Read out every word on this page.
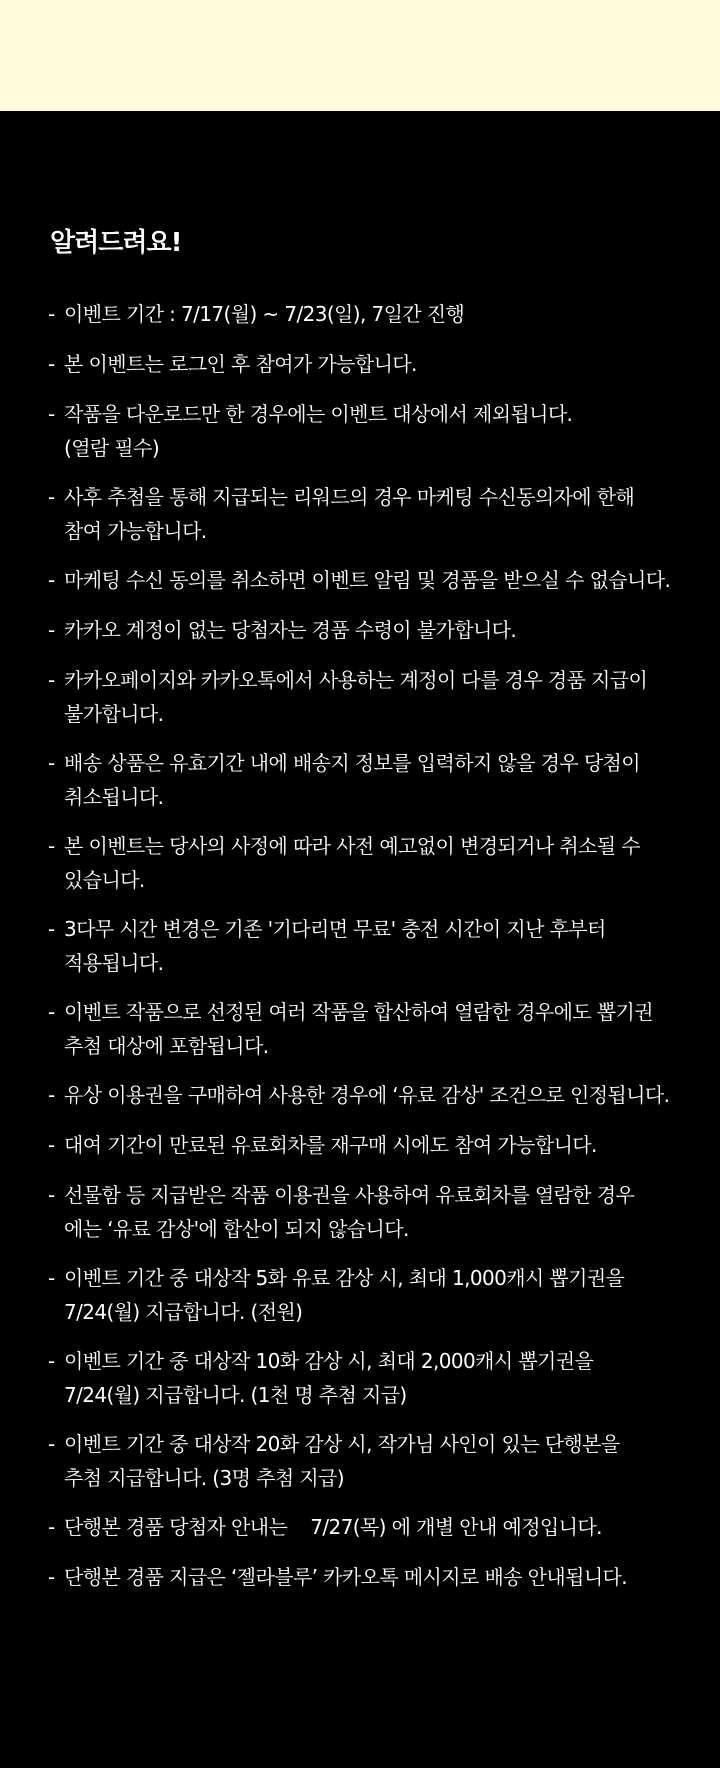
알려드려요!
- 이벤트 기간 : 7/17(월) ~ 7/23(일), 7일간 진행
- 본 이벤트는 로그인 후 참여가 가능합니다.
- 작품을 다운로드만 한 경우에는 이벤트 대상에서 제외됩니다.
(열람 필수)
- 사후 추첨을 통해 지급되는 리워드의 경우 마케팅 수신동의자에 한해
참여 가능합니다.
- 마케팅 수신 동의를 취소하면 이벤트 알림 및 경품을 받으실 수 없습니다.
- 카카오 계정이 없는 당첨자는 경품 수령이 불가합니다.
- 카카오페이지와 카카오톡에서 사용하는 계정이 다를 경우 경품 지급이
불가합니다.
- 배송 상품은 유효기간 내에 배송지 정보를 입력하지 않을 경우 당첨이
취소됩니다.
- 본 이벤트는 당사의 사정에 따라 사전 예고없이 변경되거나 취소될 수
있습니다.
- 3다무 시간 변경은 기존 '기다리면 무료' 충전 시간이 지난 후부터
적용됩니다.
- 이벤트 작품으로 선정된 여러 작품을 합산하여 열람한 경우에도 뽑기권
추첨 대상에 포함됩니다.
- 유상 이용권을 구매하여 사용한 경우에 ‘유료 감상' 조건으로 인정됩니다.
- 대여 기간이 만료된 유료회차를 재구매 시에도 참여 가능합니다.
- 선물함 등 지급받은 작품 이용권을 사용하여 유료회차를 열람한 경우
에는 ‘유료 감상'에 합산이 되지 않습니다.
- 이벤트 기간 중 대상작 5화 유료 감상 시, 최대 1,000캐시 뽑기권을
7/24(월) 지급합니다. (전원)
- 이벤트 기간 중 대상작 10화 감상 시, 최대 2,000캐시 뽑기권을
7/24(월) 지급합니다. (1천 명 추첨 지급)
- 이벤트 기간 중 대상작 20화 감상 시, 작가님 사인이 있는 단행본을
추첨 지급합니다. (3명 추첨 지급)
- 단행본 경품 당첨자 안내는    7/27(목) 에 개별 안내 예정입니다.
- 단행본 경품 지급은 ‘젤라블루’ 카카오톡 메시지로 배송 안내됩니다.
